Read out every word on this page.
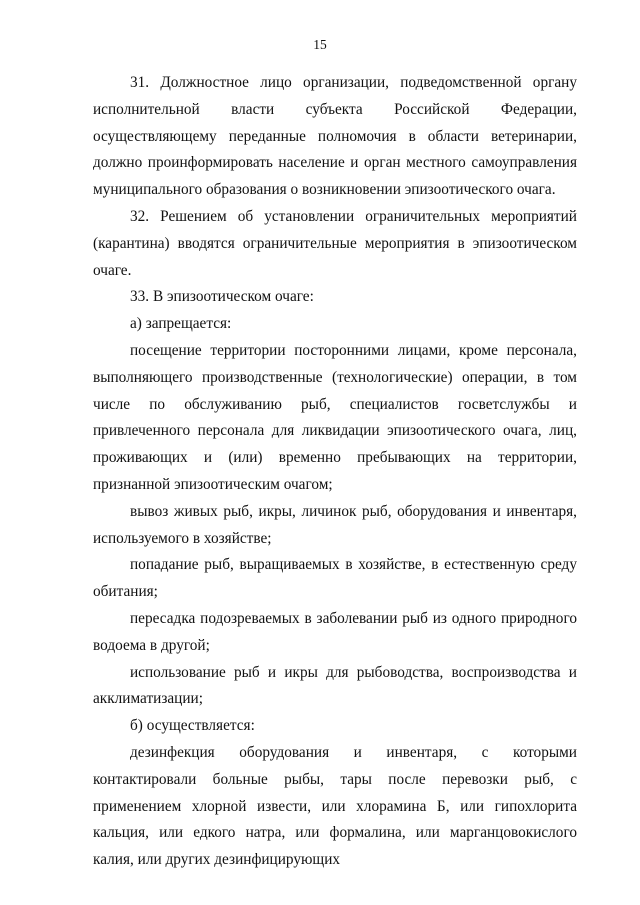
15

31. Должностное лицо организации, подведомственной органу исполнительной власти субъекта Российской Федерации, осуществляющему переданные полномочия в области ветеринарии, должно проинформировать население и орган местного самоуправления муниципального образования о возникновении эпизоотического очага.

32. Решением об установлении ограничительных мероприятий (карантина) вводятся ограничительные мероприятия в эпизоотическом очаге.

33. В эпизоотическом очаге:

а) запрещается:

посещение территории посторонними лицами, кроме персонала, выполняющего производственные (технологические) операции, в том числе по обслуживанию рыб, специалистов госветслужбы и привлеченного персонала для ликвидации эпизоотического очага, лиц, проживающих и (или) временно пребывающих на территории, признанной эпизоотическим очагом;

вывоз живых рыб, икры, личинок рыб, оборудования и инвентаря, используемого в хозяйстве;

попадание рыб, выращиваемых в хозяйстве, в естественную среду обитания;

пересадка подозреваемых в заболевании рыб из одного природного водоема в другой;

использование рыб и икры для рыбоводства, воспроизводства и акклиматизации;

б) осуществляется:

дезинфекция оборудования и инвентаря, с которыми контактировали больные рыбы, тары после перевозки рыб, с применением хлорной извести, или хлорамина Б, или гипохлорита кальция, или едкого натра, или формалина, или марганцовокислого калия, или других дезинфицирующих
